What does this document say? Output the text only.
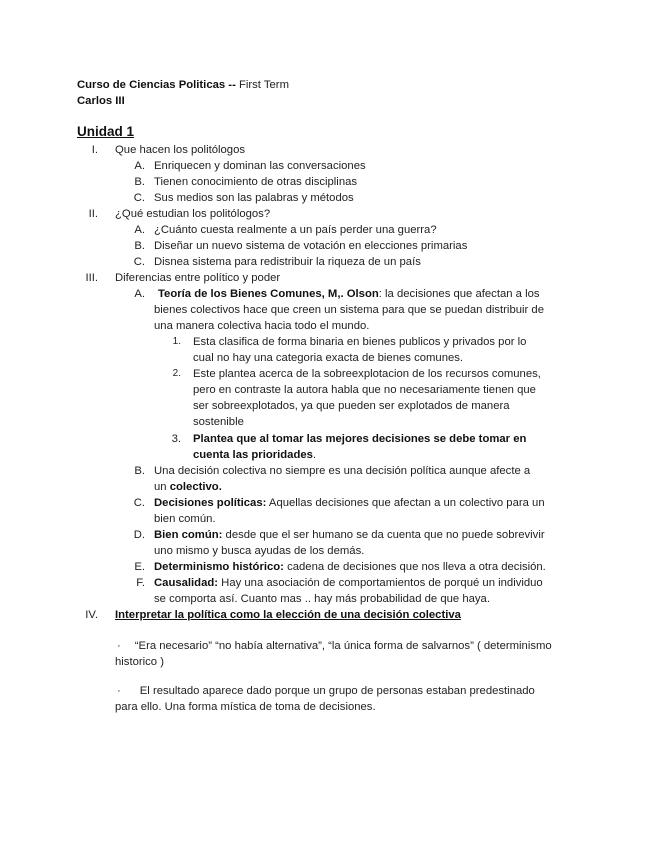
Curso de Ciencias Politicas -- First Term
Carlos III
Unidad 1
I. Que hacen los politólogos
A. Enriquecen y dominan las conversaciones
B. Tienen conocimiento de otras disciplinas
C. Sus medios son las palabras y métodos
II. ¿Qué estudian los politólogos?
A. ¿Cuánto cuesta realmente a un país perder una guerra?
B. Diseñar un nuevo sistema de votación en elecciones primarias
C. Disnea sistema para redistribuir la riqueza de un país
III. Diferencias entre político y poder
A. Teoría de los Bienes Comunes, M,. Olson: la decisiones que afectan a los
bienes colectivos hace que creen un sistema para que se puedan distribuir de
una manera colectiva hacia todo el mundo.
1. Esta clasifica de forma binaria en bienes publicos y privados por lo
cual no hay una categoria exacta de bienes comunes.
2. Este plantea acerca de la sobreexplotacion de los recursos comunes,
pero en contraste la autora habla que no necesariamente tienen que
ser sobreexplotados, ya que pueden ser explotados de manera
sostenible
3. Plantea que al tomar las mejores decisiones se debe tomar en
cuenta las prioridades.
B. Una decisión colectiva no siempre es una decisión política aunque afecte a
un colectivo.
C. Decisiones políticas: Aquellas decisiones que afectan a un colectivo para un
bien común.
D. Bien común: desde que el ser humano se da cuenta que no puede sobrevivir
uno mismo y busca ayudas de los demás.
E. Determinismo histórico: cadena de decisiones que nos lleva a otra decisión.
F. Causalidad: Hay una asociación de comportamientos de porqué un individuo
se comporta así. Cuanto mas .. hay más probabilidad de que haya.
IV. Interpretar la política como la elección de una decisión colectiva
· “Era necesario” “no había alternativa”, “la única forma de salvarnos” ( determinismo
historico )
· El resultado aparece dado porque un grupo de personas estaban predestinado
para ello. Una forma mística de toma de decisiones.
